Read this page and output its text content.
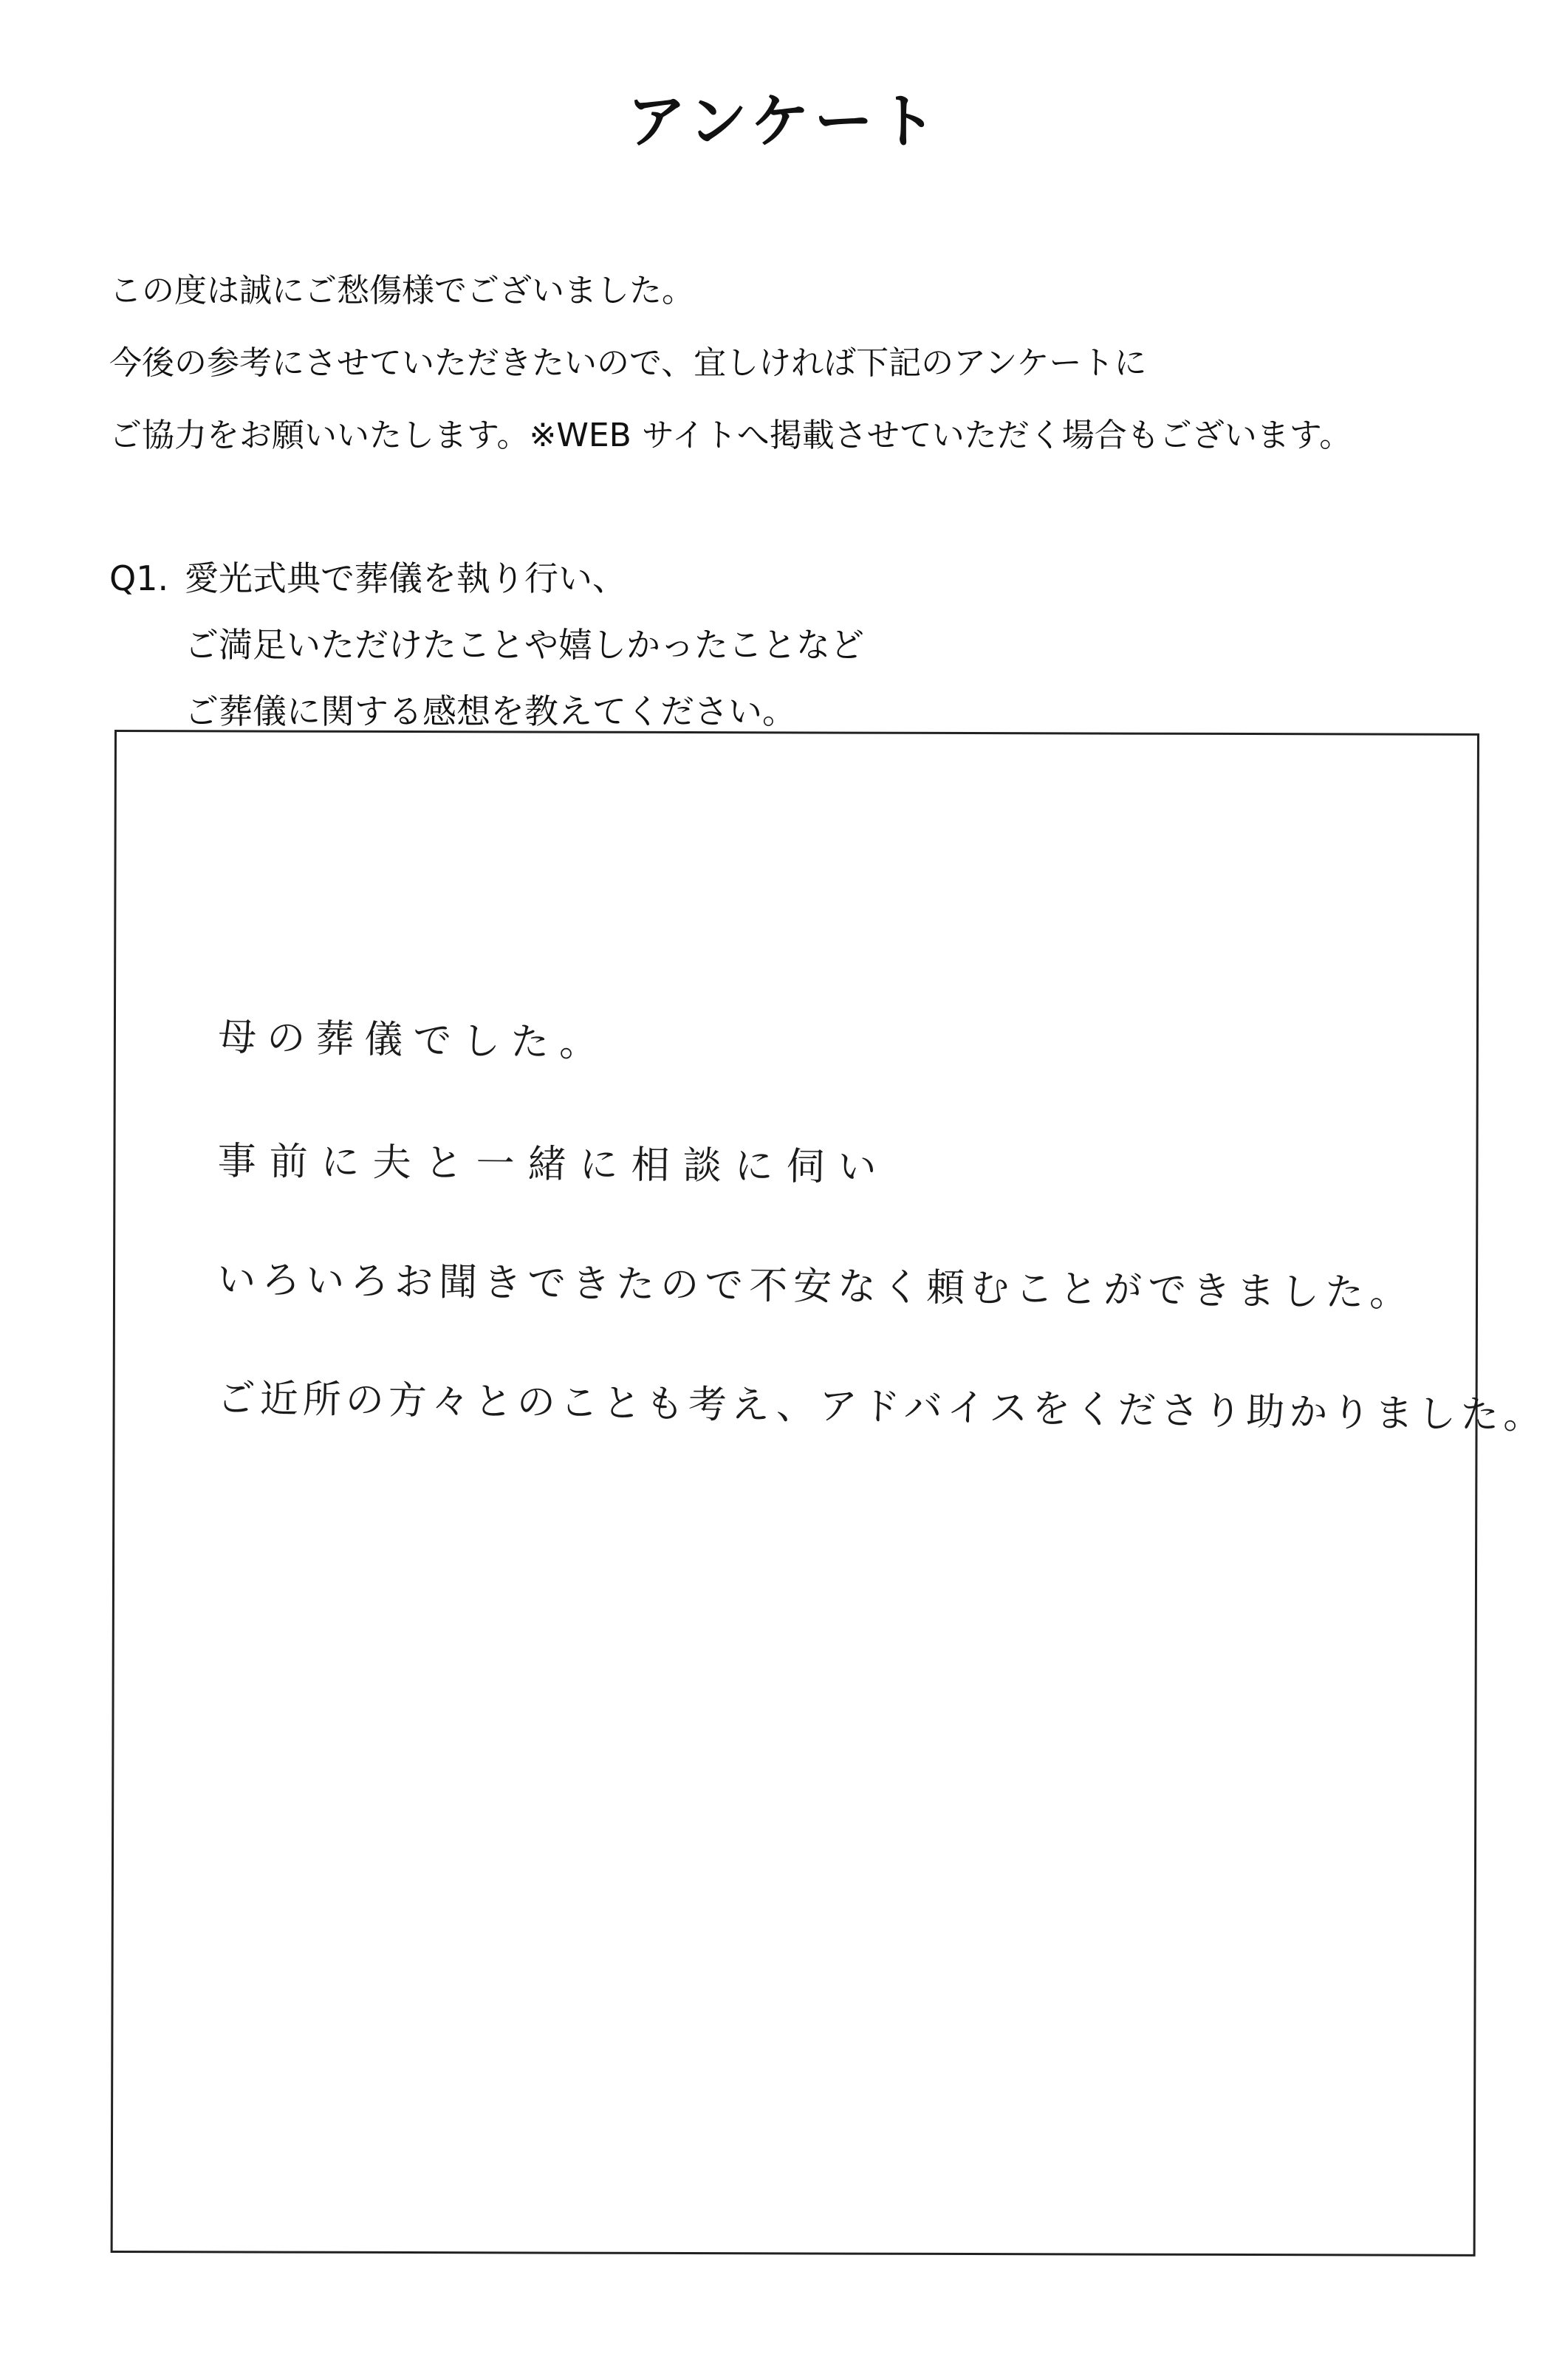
アンケート
この度は誠にご愁傷様でございました。
今後の参考にさせていただきたいので、宜しければ下記のアンケートに
ご協力をお願いいたします。※WEB サイトへ掲載させていただく場合もございます。
Q1. 愛光式典で葬儀を執り行い、
ご満足いただけたことや嬉しかったことなど
ご葬儀に関する感想を教えてください。
母の葬儀でした。
事前に夫と一緒に相談に伺い
いろいろお聞きできたので不安なく頼むことができました。
ご近所の方々とのことも考え、アドバイスをくださり助かりました。
